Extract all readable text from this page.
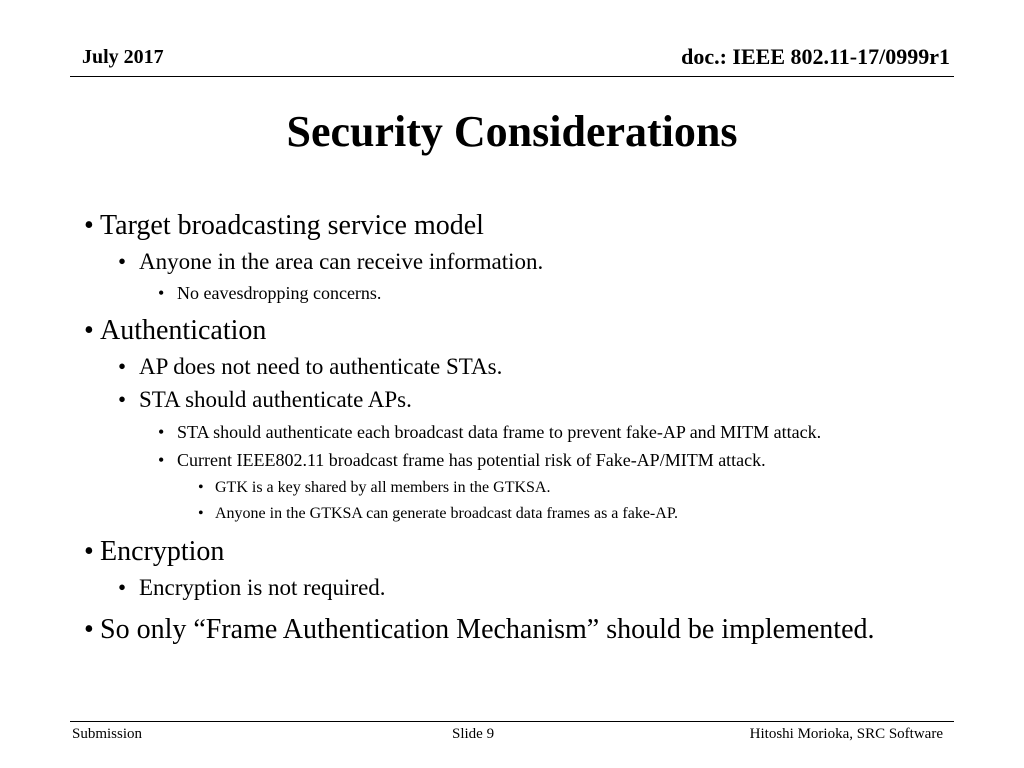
July 2017	doc.: IEEE 802.11-17/0999r1
Security Considerations
• Target broadcasting service model
• Anyone in the area can receive information.
• No eavesdropping concerns.
• Authentication
• AP does not need to authenticate STAs.
• STA should authenticate APs.
• STA should authenticate each broadcast data frame to prevent fake-AP and MITM attack.
• Current IEEE802.11 broadcast frame has potential risk of Fake-AP/MITM attack.
• GTK is a key shared by all members in the GTKSA.
• Anyone in the GTKSA can generate broadcast data frames as a fake-AP.
• Encryption
• Encryption is not required.
• So only “Frame Authentication Mechanism” should be implemented.
Submission	Slide 9	Hitoshi Morioka, SRC Software
